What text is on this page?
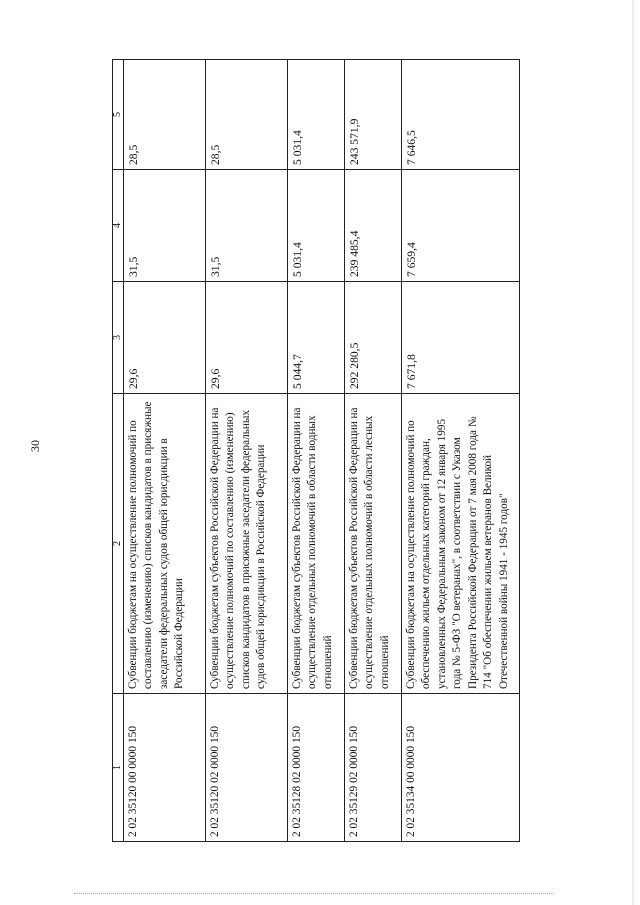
30
1	2	3	4	5
2 02 35120 00 0000 150	Субвенции бюджетам на осуществление полномочий по составлению (изменению) списков кандидатов в присяжные заседатели федеральных судов общей юрисдикции в Российской Федерации	29,6	31,5	28,5
2 02 35120 02 0000 150	Субвенции бюджетам субъектов Российской Федерации на осуществление полномочий по составлению (изменению) списков кандидатов в присяжные заседатели федеральных судов общей юрисдикции в Российской Федерации	29,6	31,5	28,5
2 02 35128 02 0000 150	Субвенции бюджетам субъектов Российской Федерации на осуществление отдельных полномочий в области водных отношений	5 044,7	5 031,4	5 031,4
2 02 35129 02 0000 150	Субвенции бюджетам субъектов Российской Федерации на осуществление отдельных полномочий в области лесных отношений	292 280,5	239 485,4	243 571,9
2 02 35134 00 0000 150	Субвенции бюджетам на осуществление полномочий по обеспечению жильем отдельных категорий граждан, установленных Федеральным законом от 12 января 1995 года № 5-ФЗ "О ветеранах", в соответствии с Указом Президента Российской Федерации от 7 мая 2008 года № 714 "Об обеспечении жильем ветеранов Великой Отечественной войны 1941 - 1945 годов"	7 671,8	7 659,4	7 646,5
